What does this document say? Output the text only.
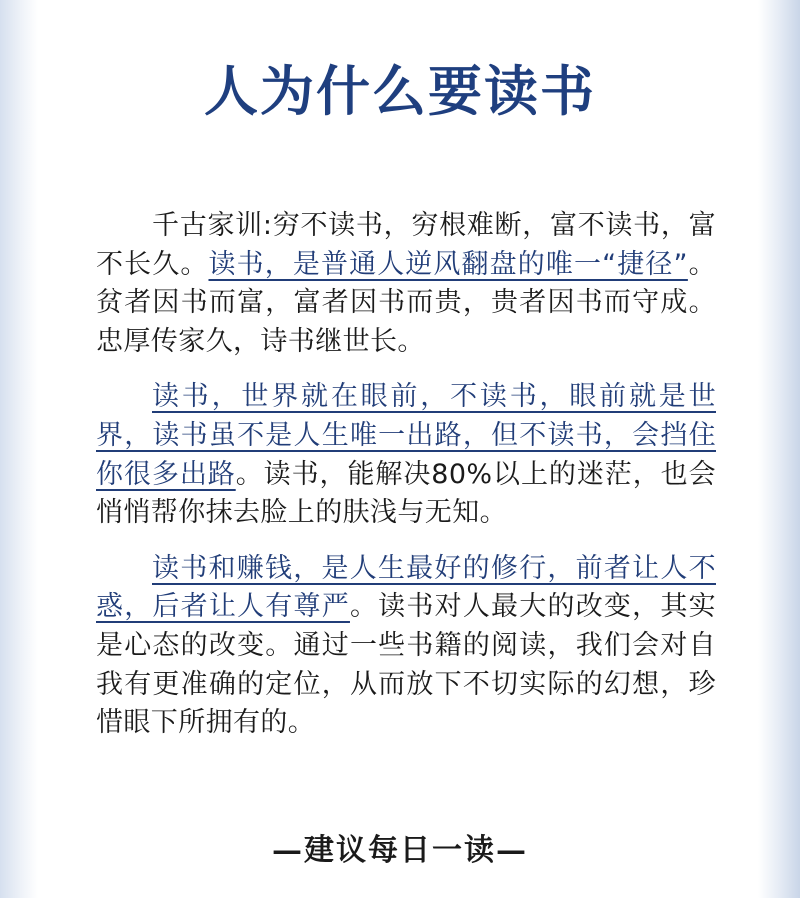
人为什么要读书

千古家训:穷不读书，穷根难断，富不读书，富不长久。读书，是普通人逆风翻盘的唯一“捷径”。贫者因书而富，富者因书而贵，贵者因书而守成。忠厚传家久，诗书继世长。

读书，世界就在眼前，不读书，眼前就是世界，读书虽不是人生唯一出路，但不读书，会挡住你很多出路。读书，能解决80%以上的迷茫，也会悄悄帮你抹去脸上的肤浅与无知。

读书和赚钱，是人生最好的修行，前者让人不惑，后者让人有尊严。读书对人最大的改变，其实是心态的改变。通过一些书籍的阅读，我们会对自我有更准确的定位，从而放下不切实际的幻想，珍惜眼下所拥有的。

—建议每日一读—
